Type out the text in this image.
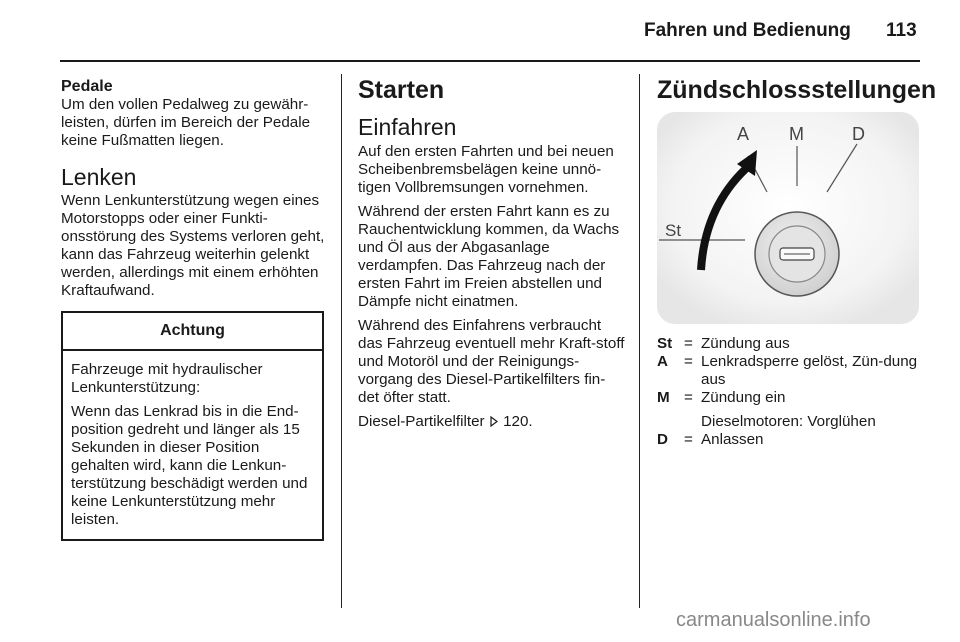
Fahren und Bedienung 113
Pedale

Um den vollen Pedalweg zu gewähr-leisten, dürfen im Bereich der Pedale keine Fußmatten liegen.

Lenken

Wenn Lenkunterstützung wegen eines Motorstopps oder einer Funkti-onsstörung des Systems verloren geht, kann das Fahrzeug weiterhin gelenkt werden, allerdings mit einem erhöhten Kraftaufwand.

Achtung

Fahrzeuge mit hydraulischer Lenkunterstützung:

Wenn das Lenkrad bis in die End-position gedreht und länger als 15 Sekunden in dieser Position gehalten wird, kann die Lenkun-terstützung beschädigt werden und keine Lenkunterstützung mehr leisten.

Starten
Einfahren

Auf den ersten Fahrten und bei neuen Scheibenbremsbelägen keine unnö-tigen Vollbremsungen vornehmen.

Während der ersten Fahrt kann es zu Rauchentwicklung kommen, da Wachs und Öl aus der Abgasanlage verdampfen. Das Fahrzeug nach der ersten Fahrt im Freien abstellen und Dämpfe nicht einatmen.

Während des Einfahrens verbraucht das Fahrzeug eventuell mehr Kraft-stoff und Motoröl und der Reinigungs-vorgang des Diesel-Partikelfilters fin-det öfter statt.

Diesel-Partikelfilter 120.

Zündschlossstellungen
St
A M	D
St = Zündung aus
A	= Lenkradsperre gelöst, Zün-dung aus
M = Zündung ein
Dieselmotoren: Vorglühen
D	= Anlassen
carmanualsonline.info
